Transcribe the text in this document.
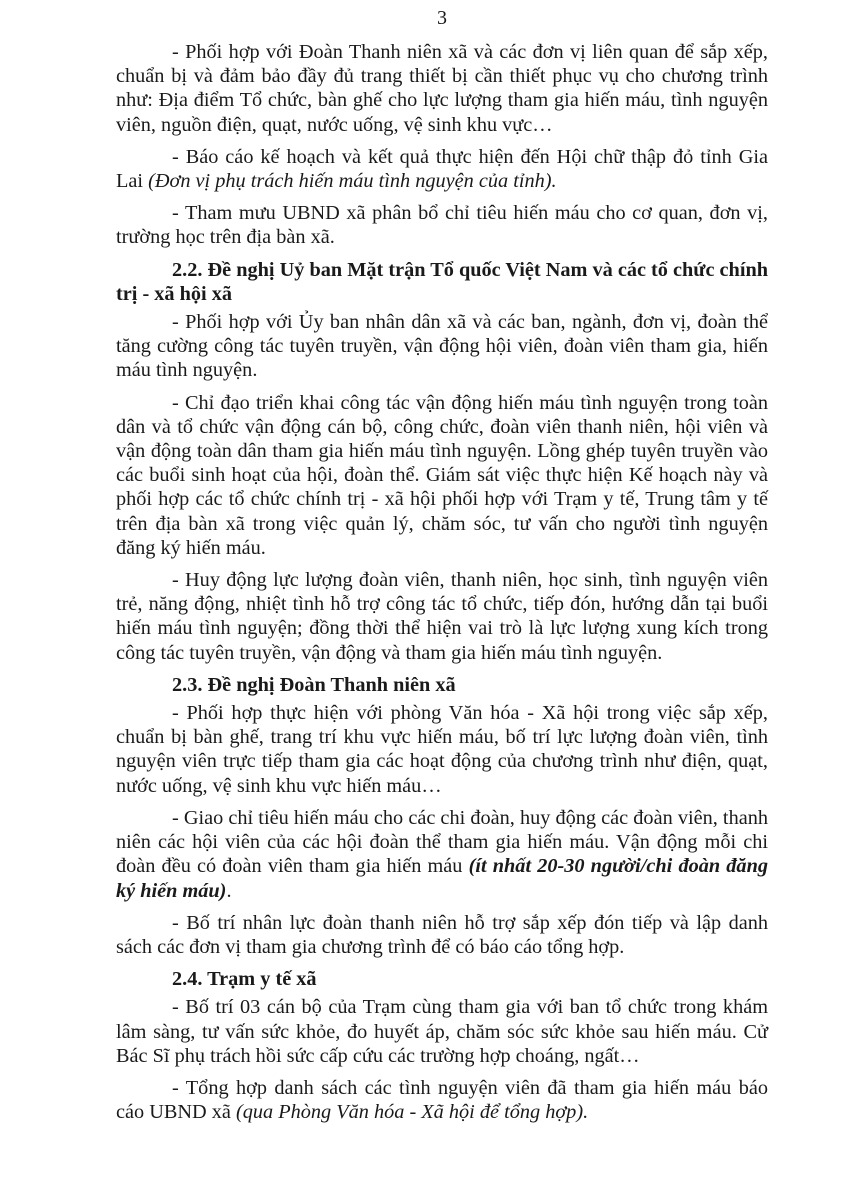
3

- Phối hợp với Đoàn Thanh niên xã và các đơn vị liên quan để sắp xếp, chuẩn bị và đảm bảo đầy đủ trang thiết bị cần thiết phục vụ cho chương trình như: Địa điểm Tổ chức, bàn ghế cho lực lượng tham gia hiến máu, tình nguyện viên, nguồn điện, quạt, nước uống, vệ sinh khu vực…

- Báo cáo kế hoạch và kết quả thực hiện đến Hội chữ thập đỏ tỉnh Gia Lai (Đơn vị phụ trách hiến máu tình nguyện của tỉnh).

- Tham mưu UBND xã phân bổ chỉ tiêu hiến máu cho cơ quan, đơn vị, trường học trên địa bàn xã.

2.2. Đề nghị Uỷ ban Mặt trận Tổ quốc Việt Nam và các tổ chức chính trị - xã hội xã

- Phối hợp với Ủy ban nhân dân xã và các ban, ngành, đơn vị, đoàn thể tăng cường công tác tuyên truyền, vận động hội viên, đoàn viên tham gia, hiến máu tình nguyện.

- Chỉ đạo triển khai công tác vận động hiến máu tình nguyện trong toàn dân và tổ chức vận động cán bộ, công chức, đoàn viên thanh niên, hội viên và vận động toàn dân tham gia hiến máu tình nguyện. Lồng ghép tuyên truyền vào các buổi sinh hoạt của hội, đoàn thể. Giám sát việc thực hiện Kế hoạch này và phối hợp các tổ chức chính trị - xã hội phối hợp với Trạm y tế, Trung tâm y tế trên địa bàn xã trong việc quản lý, chăm sóc, tư vấn cho người tình nguyện đăng ký hiến máu.

- Huy động lực lượng đoàn viên, thanh niên, học sinh, tình nguyện viên trẻ, năng động, nhiệt tình hỗ trợ công tác tổ chức, tiếp đón, hướng dẫn tại buổi hiến máu tình nguyện; đồng thời thể hiện vai trò là lực lượng xung kích trong công tác tuyên truyền, vận động và tham gia hiến máu tình nguyện.

2.3. Đề nghị Đoàn Thanh niên xã

- Phối hợp thực hiện với phòng Văn hóa - Xã hội trong việc sắp xếp, chuẩn bị bàn ghế, trang trí khu vực hiến máu, bố trí lực lượng đoàn viên, tình nguyện viên trực tiếp tham gia các hoạt động của chương trình như điện, quạt, nước uống, vệ sinh khu vực hiến máu…

- Giao chỉ tiêu hiến máu cho các chi đoàn, huy động các đoàn viên, thanh niên các hội viên của các hội đoàn thể tham gia hiến máu. Vận động mỗi chi đoàn đều có đoàn viên tham gia hiến máu (ít nhất 20-30 người/chi đoàn đăng ký hiến máu).

- Bố trí nhân lực đoàn thanh niên hỗ trợ sắp xếp đón tiếp và lập danh sách các đơn vị tham gia chương trình để có báo cáo tổng hợp.

2.4. Trạm y tế xã

- Bố trí 03 cán bộ của Trạm cùng tham gia với ban tổ chức trong khám lâm sàng, tư vấn sức khỏe, đo huyết áp, chăm sóc sức khỏe sau hiến máu. Cử Bác Sĩ phụ trách hồi sức cấp cứu các trường hợp choáng, ngất…

- Tổng hợp danh sách các tình nguyện viên đã tham gia hiến máu báo cáo UBND xã (qua Phòng Văn hóa - Xã hội để tổng hợp).
